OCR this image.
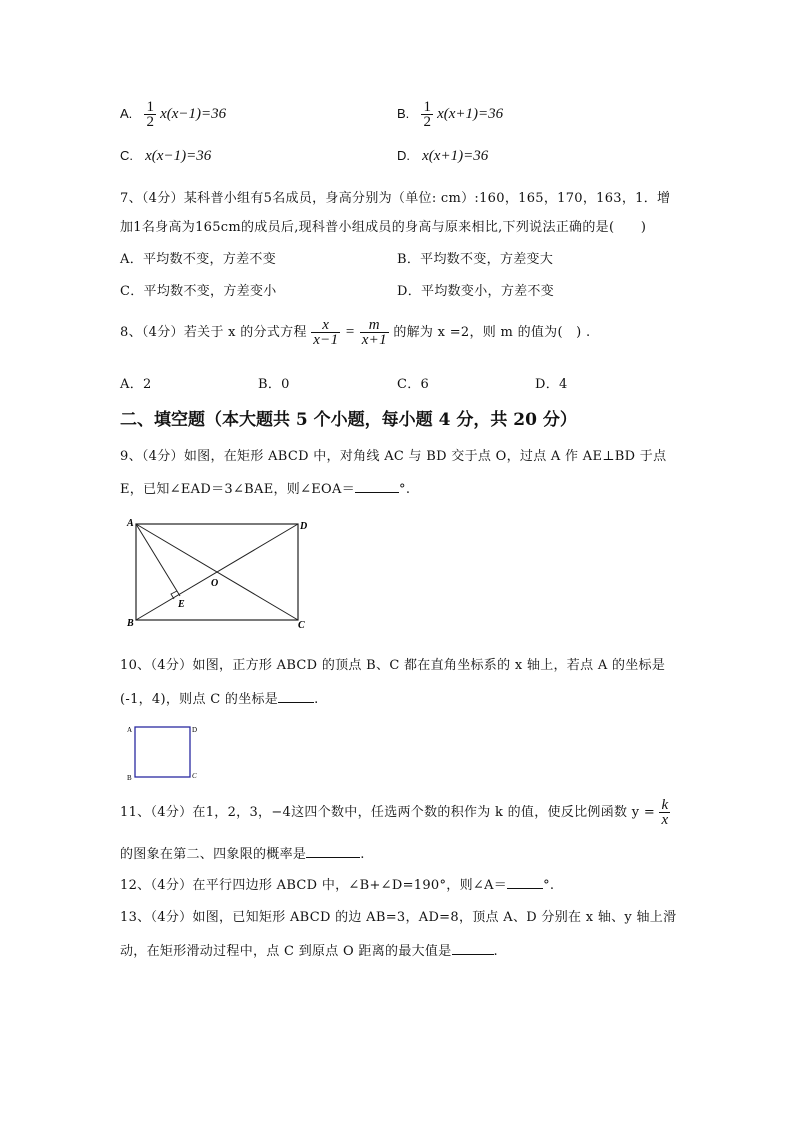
A. $\frac{1}{2} x(x-1)=36$	B. $\frac{1}{2} x(x+1)=36$
C. x(x−1)=36	D. x(x+1)=36
7、（4分）某科普小组有5名成员，身高分别为（单位: cm）:160，165，170，163，1．增
加1名身高为165cm的成员后,现科普小组成员的身高与原来相比,下列说法正确的是(　　)
A．平均数不变，方差不变	B．平均数不变，方差变大
C．平均数不变，方差变小	D．平均数变小，方差不变
8、（4分）若关于 x 的分式方程 $\frac{x}{x-1} = \frac{m}{x+1}$ 的解为 x =2，则 m 的值为(　) .
A．2	B．0	C．6	D．4
二、填空题（本大题共 5 个小题，每小题 4 分，共 20 分）
9、（4分）如图，在矩形 ABCD 中，对角线 AC 与 BD 交于点 O，过点 A 作 AE⊥BD 于点
E，已知∠EAD＝3∠BAE，则∠EOA＝	°.
A
B	C
D
O
E
10、（4分）如图，正方形 ABCD 的顶点 B、C 都在直角坐标系的 x 轴上，若点 A 的坐标是
(-1，4)，则点 C 的坐标是	.
A	D
B	C
11、（4分）在1，2，3，−4这四个数中，任选两个数的积作为 k 的值，使反比例函数 $y = \frac{k}{x}$
的图象在第二、四象限的概率是	.
12、（4分）在平行四边形 ABCD 中，∠B+∠D=190°，则∠A＝	°.
13、（4分）如图，已知矩形 ABCD 的边 AB=3，AD=8，顶点 A、D 分别在 x 轴、y 轴上滑
动，在矩形滑动过程中，点 C 到原点 O 距离的最大值是	.
